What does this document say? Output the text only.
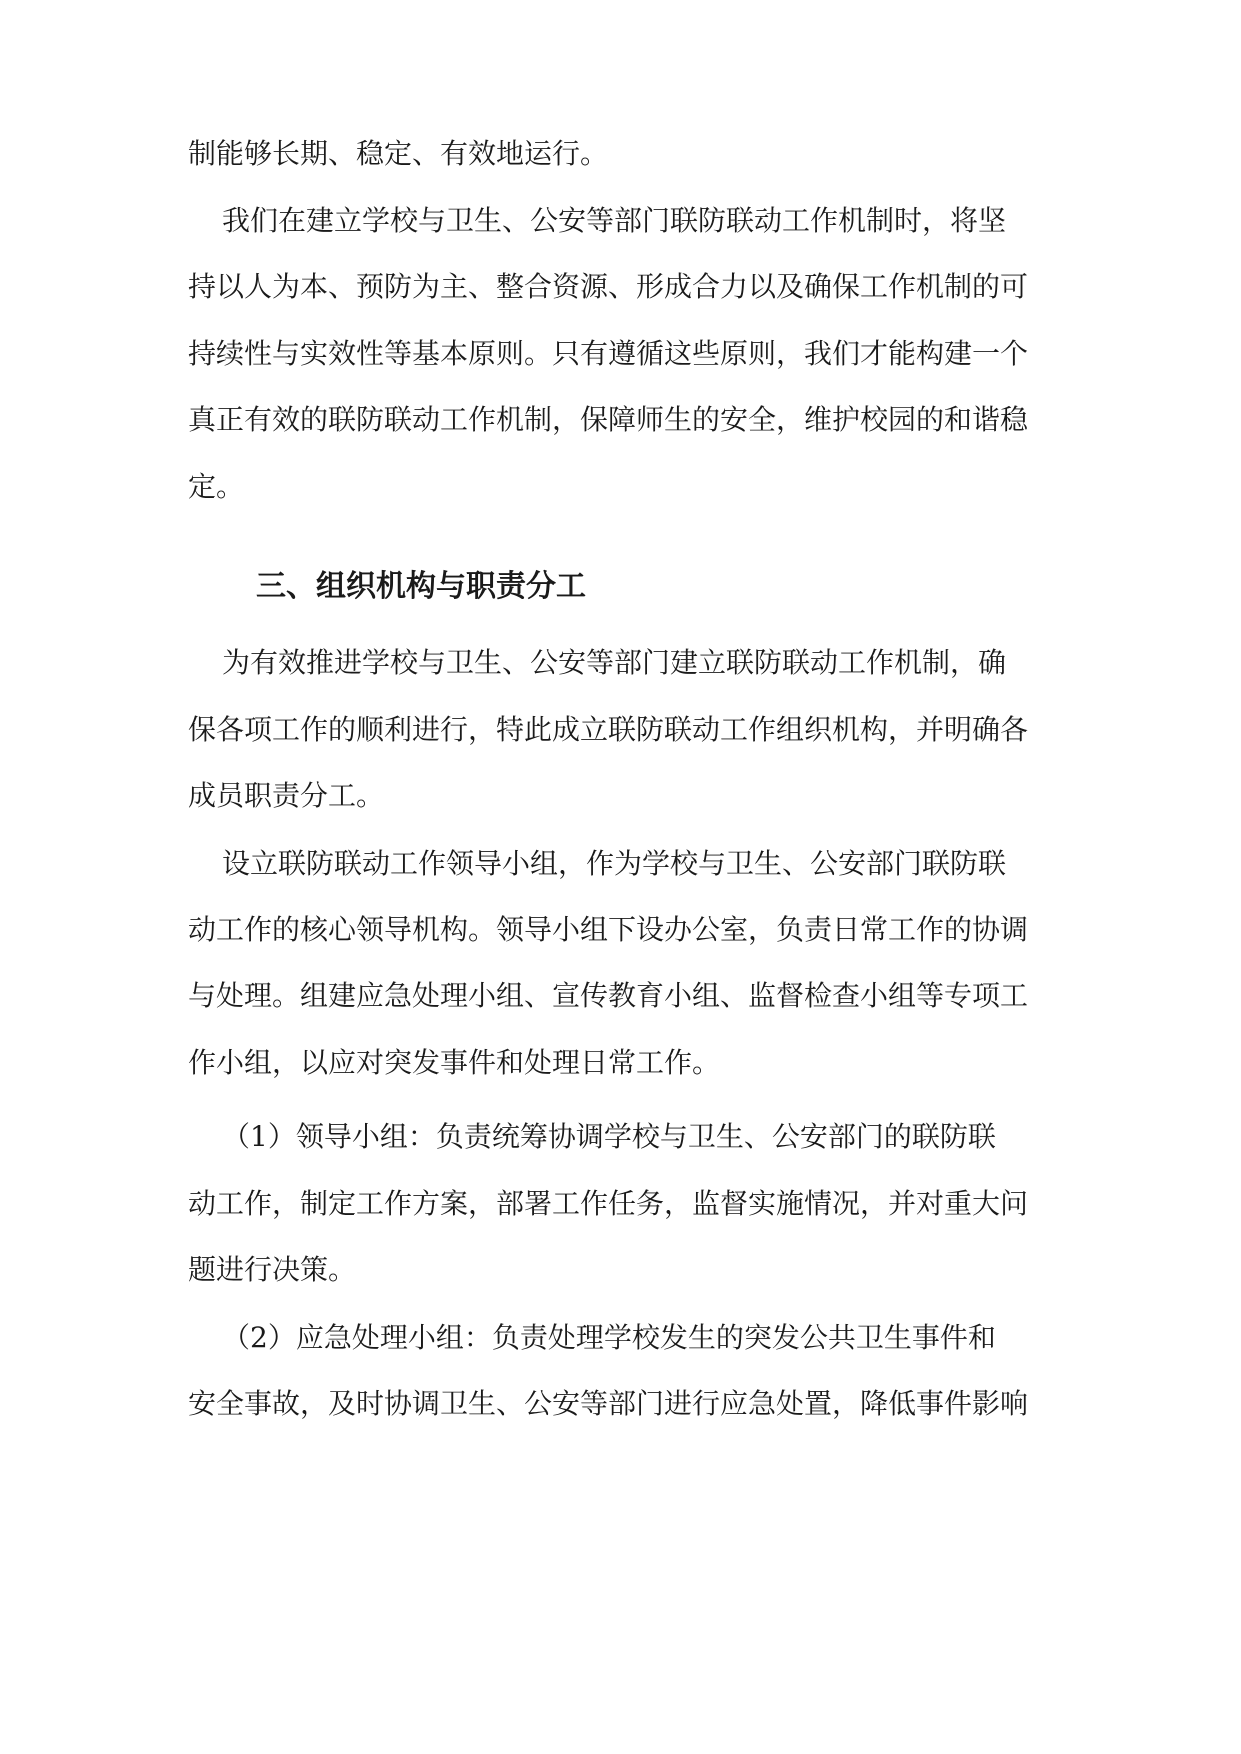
制能够长期、稳定、有效地运行。
我们在建立学校与卫生、公安等部门联防联动工作机制时，将坚
持以人为本、预防为主、整合资源、形成合力以及确保工作机制的可
持续性与实效性等基本原则。只有遵循这些原则，我们才能构建一个
真正有效的联防联动工作机制，保障师生的安全，维护校园的和谐稳
定。
三、组织机构与职责分工
为有效推进学校与卫生、公安等部门建立联防联动工作机制，确
保各项工作的顺利进行，特此成立联防联动工作组织机构，并明确各
成员职责分工。
设立联防联动工作领导小组，作为学校与卫生、公安部门联防联
动工作的核心领导机构。领导小组下设办公室，负责日常工作的协调
与处理。组建应急处理小组、宣传教育小组、监督检查小组等专项工
作小组，以应对突发事件和处理日常工作。
（1）领导小组：负责统筹协调学校与卫生、公安部门的联防联
动工作，制定工作方案，部署工作任务，监督实施情况，并对重大问
题进行决策。
（2）应急处理小组：负责处理学校发生的突发公共卫生事件和
安全事故，及时协调卫生、公安等部门进行应急处置，降低事件影响
